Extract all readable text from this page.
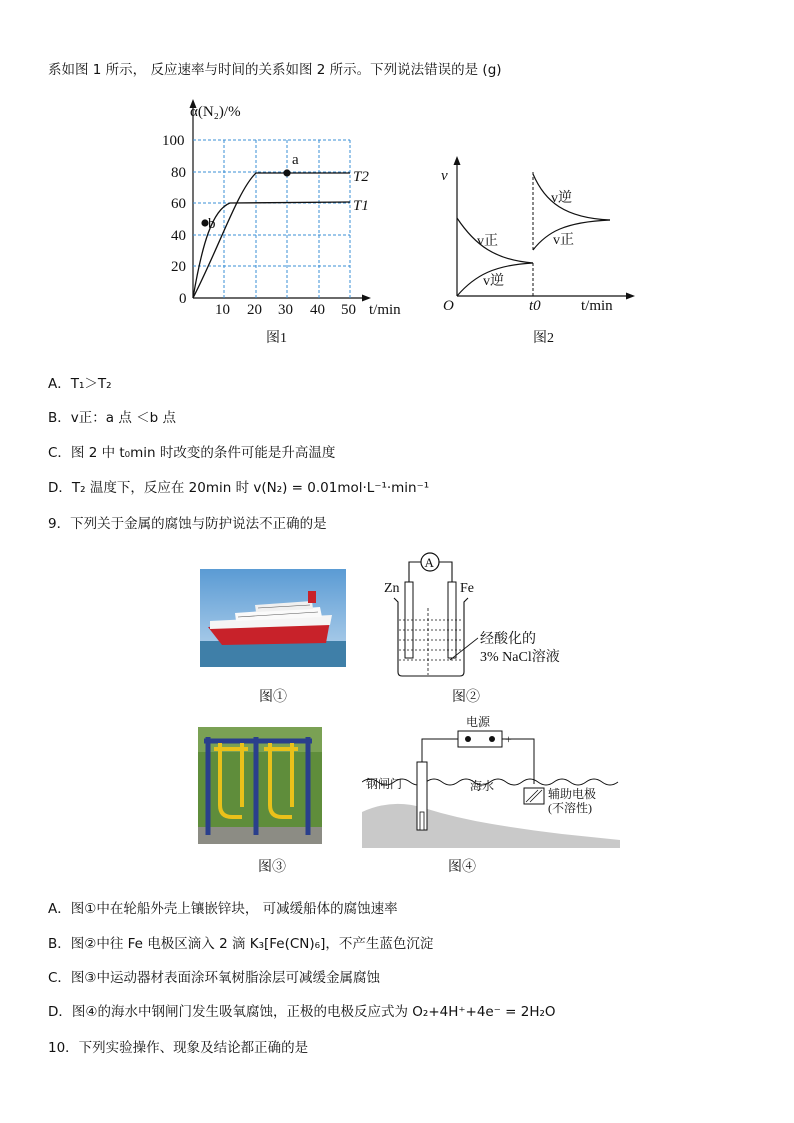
系如图 1 所示， 反应速率与时间的关系如图 2 所示。下列说法错误的是 (g)
α(N₂)/%
100
80
60
40
20
0
10 20 30 40 50 t/min
T2
T1
a
b
图1
v
O	t0	t/min
v逆
v正	v正
v逆
图2
A．T₁＞T₂
B．v正：a 点 ＜b 点
C．图 2 中 t₀min 时改变的条件可能是升高温度
D．T₂ 温度下，反应在 20min 时 v(N₂) = 0.01mol·L⁻¹·min⁻¹
9．下列关于金属的腐蚀与防护说法不正确的是
图①
A
Zn	Fe
经酸化的
3% NaCl溶液
图②
图③
电源
−	+
钢闸门	海水
辅助电极
(不溶性)
图④
A．图①中在轮船外壳上镶嵌锌块， 可减缓船体的腐蚀速率
B．图②中往 Fe 电极区滴入 2 滴 K₃[Fe(CN)₆]，不产生蓝色沉淀
C．图③中运动器材表面涂环氧树脂涂层可减缓金属腐蚀
D．图④的海水中钢闸门发生吸氧腐蚀，正极的电极反应式为 O₂+4H⁺+4e⁻ = 2H₂O
10．下列实验操作、现象及结论都正确的是
